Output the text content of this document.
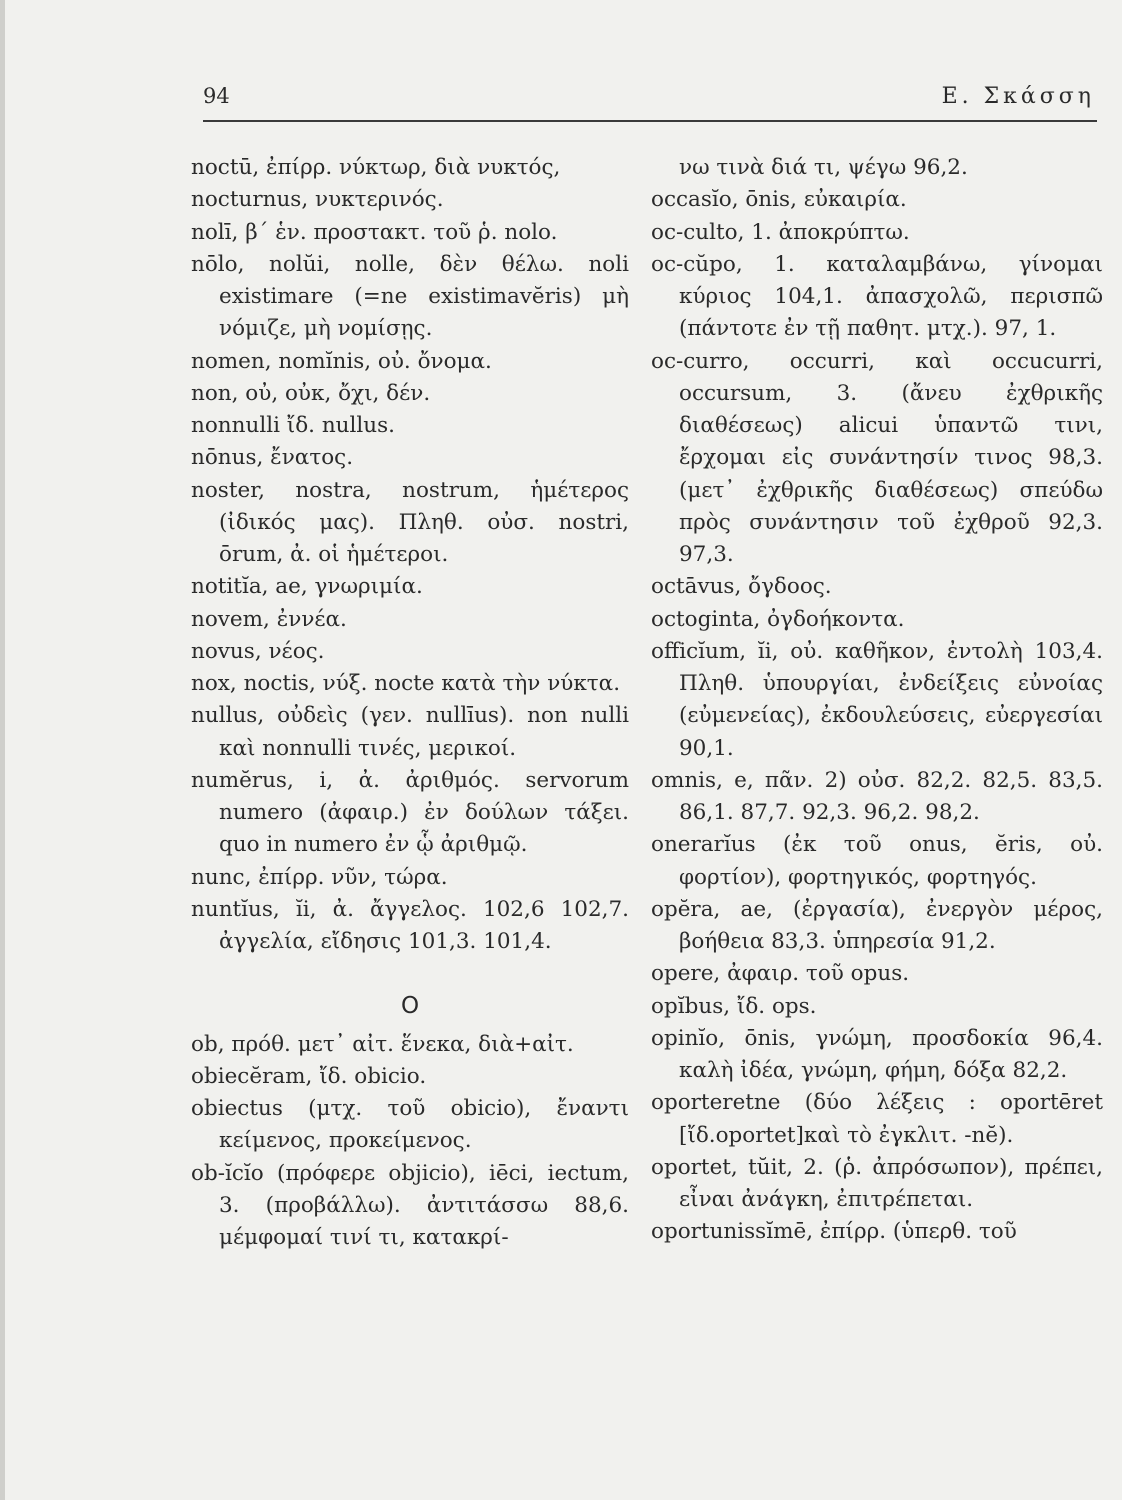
94	Ε. Σκάσση
noctū, ἐπίρρ. νύκτωρ, διὰ νυκτός,
nocturnus, νυκτερινός.
nolī, β΄ ἑν. προστακτ. τοῦ ῥ. nolo.
nōlo, nolŭi, nolle, δὲν θέλω. noli existimare (=ne existimavĕris) μὴ νόμιζε, μὴ νομίσῃς.
nomen, nomĭnis, οὐ. ὄνομα.
non, οὐ, οὐκ, ὄχι, δέν.
nonnulli ἴδ. nullus.
nōnus, ἔνατος.
noster, nostra, nostrum, ἡμέτερος (ἰδικός μας). Πληθ. οὐσ. nostri, ōrum, ἀ. οἱ ἡμέτεροι.
notitĭa, ae, γνωριμία.
novem, ἐννέα.
novus, νέος.
nox, noctis, νύξ. nocte κατὰ τὴν νύκτα.
nullus, οὐδεὶς (γεν. nullīus). non nulli καὶ nonnulli τινές, μερικοί.
numĕrus, i, ἀ. ἀριθμός. servorum numero (ἀφαιρ.) ἐν δούλων τάξει. quo in numero ἐν ᾧ ἀριθμῷ.
nunc, ἐπίρρ. νῦν, τώρα.
nuntĭus, ĭi, ἀ. ἄγγελος. 102,6 102,7. ἀγγελία, εἴδησις 101,3. 101,4.
O
ob, πρόθ. μετ᾽ αἰτ. ἕνεκα, διὰ+αἰτ.
obiecĕram, ἴδ. obicio.
obiectus (μτχ. τοῦ obicio), ἔναντι κείμενος, προκείμενος.
ob-ĭcĭo (πρόφερε objicio), iēci, iectum, 3. (προβάλλω). ἀντιτάσσω 88,6. μέμφομαί τινί τι, κατακρί-
νω τινὰ διά τι, ψέγω 96,2.
occasĭo, ōnis, εὐκαιρία.
oc-culto, 1. ἀποκρύπτω.
oc-cŭpo, 1. καταλαμβάνω, γίνομαι κύριος 104,1. ἀπασχολῶ, περισπῶ (πάντοτε ἐν τῇ παθητ. μτχ.). 97, 1.
oc-curro, occurri, καὶ occucurri, occursum, 3. (ἄνευ ἐχθρικῆς διαθέσεως) alicui ὑπαντῶ τινι, ἔρχομαι εἰς συνάντησίν τινος 98,3. (μετ᾽ ἐχθρικῆς διαθέσεως) σπεύδω πρὸς συνάντησιν τοῦ ἐχθροῦ 92,3. 97,3.
octāvus, ὄγδοος.
octoginta, ὀγδοήκοντα.
officĭum, ĭi, οὐ. καθῆκον, ἐντολὴ 103,4. Πληθ. ὑπουργίαι, ἐνδείξεις εὐνοίας (εὐμενείας), ἐκδουλεύσεις, εὐεργεσίαι 90,1.
omnis, e, πᾶν. 2) οὐσ. 82,2. 82,5. 83,5. 86,1. 87,7. 92,3. 96,2. 98,2.
onerarĭus (ἐκ τοῦ onus, ĕris, οὐ. φορτίον), φορτηγικός, φορτηγός.
opĕra, ae, (ἐργασία), ἐνεργὸν μέρος, βοήθεια 83,3. ὑπηρεσία 91,2.
opere, ἀφαιρ. τοῦ opus.
opĭbus, ἴδ. ops.
opinĭo, ōnis, γνώμη, προσδοκία 96,4. καλὴ ἰδέα, γνώμη, φήμη, δόξα 82,2.
oporteretne (δύο λέξεις : oportēret [ἴδ.oportet]καὶ τὸ ἐγκλιτ. -nĕ).
oportet, tŭit, 2. (ῥ. ἀπρόσωπον), πρέπει, εἶναι ἀνάγκη, ἐπιτρέπεται.
oportunissĭmē, ἐπίρρ. (ὑπερθ. τοῦ
